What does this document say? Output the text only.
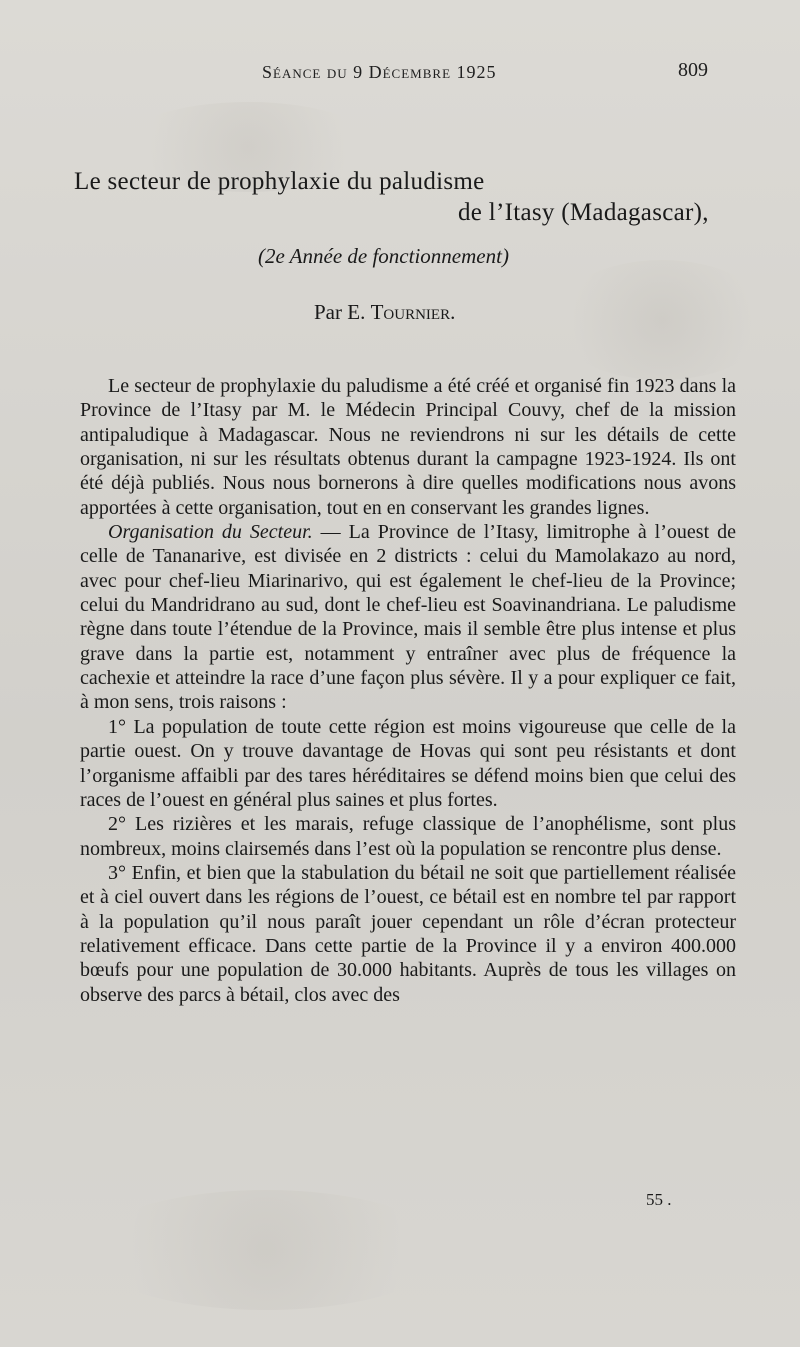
Séance du 9 Décembre 1925	809
Le secteur de prophylaxie du paludisme
de l’Itasy (Madagascar),
(2e Année de fonctionnement)
Par E. Tournier.

Le secteur de prophylaxie du paludisme a été créé et organisé fin 1923 dans la Province de l’Itasy par M. le Médecin Principal Couvy, chef de la mission antipaludique à Madagascar. Nous ne reviendrons ni sur les détails de cette organisation, ni sur les résultats obtenus durant la campagne 1923-1924. Ils ont été déjà publiés. Nous nous bornerons à dire quelles modifications nous avons apportées à cette organisation, tout en en conservant les grandes lignes.

Organisation du Secteur. — La Province de l’Itasy, limitrophe à l’ouest de celle de Tananarive, est divisée en 2 districts : celui du Mamolakazo au nord, avec pour chef-lieu Miarinarivo, qui est également le chef-lieu de la Province; celui du Mandridrano au sud, dont le chef-lieu est Soavinandriana. Le paludisme règne dans toute l’étendue de la Province, mais il semble être plus intense et plus grave dans la partie est, notamment y entraîner avec plus de fréquence la cachexie et atteindre la race d’une façon plus sévère. Il y a pour expliquer ce fait, à mon sens, trois raisons :

1° La population de toute cette région est moins vigoureuse que celle de la partie ouest. On y trouve davantage de Hovas qui sont peu résistants et dont l’organisme affaibli par des tares héréditaires se défend moins bien que celui des races de l’ouest en général plus saines et plus fortes.

2° Les rizières et les marais, refuge classique de l’anophélisme, sont plus nombreux, moins clairsemés dans l’est où la population se rencontre plus dense.

3° Enfin, et bien que la stabulation du bétail ne soit que partiellement réalisée et à ciel ouvert dans les régions de l’ouest, ce bétail est en nombre tel par rapport à la population qu’il nous paraît jouer cependant un rôle d’écran protecteur relativement efficace. Dans cette partie de la Province il y a environ 400.000 bœufs pour une population de 30.000 habitants. Auprès de tous les villages on observe des parcs à bétail, clos avec des

55 .
